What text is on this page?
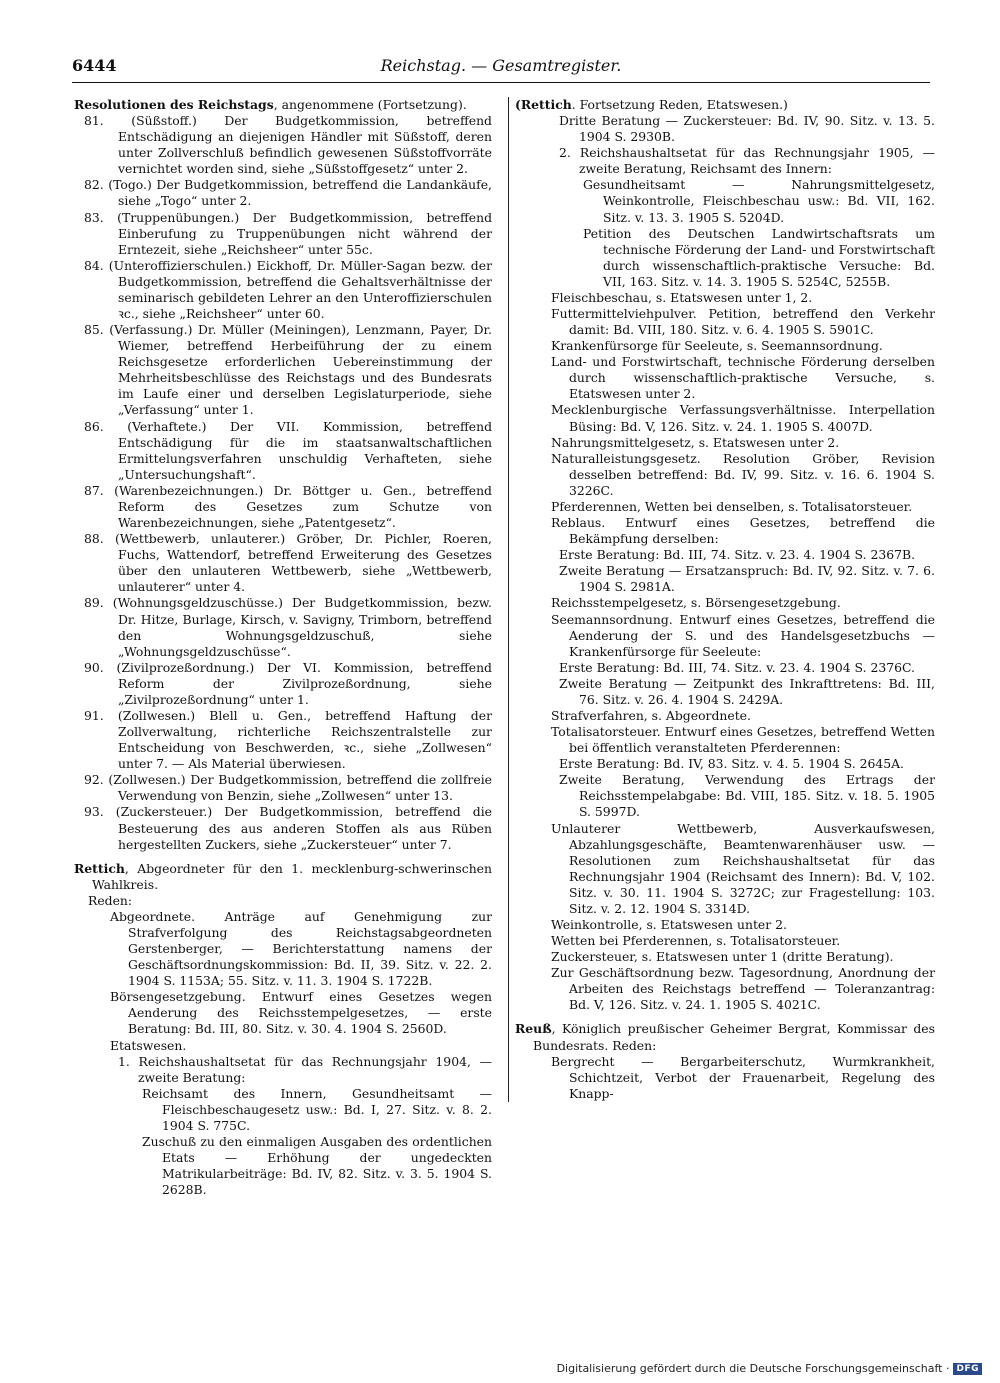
6444	Reichstag. — Gesamtregister.

Resolutionen des Reichstags, angenommene (Fortsetzung).

81. (Süßstoff.) Der Budgetkommission, betreffend Entschädigung an diejenigen Händler mit Süßstoff, deren unter Zollverschluß befindlich gewesenen Süßstoffvorräte vernichtet worden sind, siehe „Süßstoffgesetz“ unter 2.

82. (Togo.) Der Budgetkommission, betreffend die Landankäufe, siehe „Togo“ unter 2.

83. (Truppenübungen.) Der Budgetkommission, betreffend Einberufung zu Truppenübungen nicht während der Erntezeit, siehe „Reichsheer“ unter 55c.

84. (Unteroffizierschulen.) Eickhoff, Dr. Müller-Sagan bezw. der Budgetkommission, betreffend die Gehaltsverhältnisse der seminarisch gebildeten Lehrer an den Unteroffizierschulen ꝛc., siehe „Reichsheer“ unter 60.

85. (Verfassung.) Dr. Müller (Meiningen), Lenzmann, Payer, Dr. Wiemer, betreffend Herbeiführung der zu einem Reichsgesetze erforderlichen Uebereinstimmung der Mehrheitsbeschlüsse des Reichstags und des Bundesrats im Laufe einer und derselben Legislaturperiode, siehe „Verfassung“ unter 1.

86. (Verhaftete.) Der VII. Kommission, betreffend Entschädigung für die im staatsanwaltschaftlichen Ermittelungsverfahren unschuldig Verhafteten, siehe „Untersuchungshaft“.

87. (Warenbezeichnungen.) Dr. Böttger u. Gen., betreffend Reform des Gesetzes zum Schutze von Warenbezeichnungen, siehe „Patentgesetz“.

88. (Wettbewerb, unlauterer.) Gröber, Dr. Pichler, Roeren, Fuchs, Wattendorf, betreffend Erweiterung des Gesetzes über den unlauteren Wettbewerb, siehe „Wettbewerb, unlauterer“ unter 4.

89. (Wohnungsgeldzuschüsse.) Der Budgetkommission, bezw. Dr. Hitze, Burlage, Kirsch, v. Savigny, Trimborn, betreffend den Wohnungsgeldzuschuß, siehe „Wohnungsgeldzuschüsse“.

90. (Zivilprozeßordnung.) Der VI. Kommission, betreffend Reform der Zivilprozeßordnung, siehe „Zivilprozeßordnung“ unter 1.

91. (Zollwesen.) Blell u. Gen., betreffend Haftung der Zollverwaltung, richterliche Reichszentralstelle zur Entscheidung von Beschwerden, ꝛc., siehe „Zollwesen“ unter 7. — Als Material überwiesen.

92. (Zollwesen.) Der Budgetkommission, betreffend die zollfreie Verwendung von Benzin, siehe „Zollwesen“ unter 13.

93. (Zuckersteuer.) Der Budgetkommission, betreffend die Besteuerung des aus anderen Stoffen als aus Rüben hergestellten Zuckers, siehe „Zuckersteuer“ unter 7.

Rettich, Abgeordneter für den 1. mecklenburg-schwerinschen Wahlkreis.

Reden:

Abgeordnete. Anträge auf Genehmigung zur Strafverfolgung des Reichstagsabgeordneten Gerstenberger, — Berichterstattung namens der Geschäftsordnungskommission: Bd. II, 39. Sitz. v. 22. 2. 1904 S. 1153A; 55. Sitz. v. 11. 3. 1904 S. 1722B.

Börsengesetzgebung. Entwurf eines Gesetzes wegen Aenderung des Reichsstempelgesetzes, — erste Beratung: Bd. III, 80. Sitz. v. 30. 4. 1904 S. 2560D.

Etatswesen.

1. Reichshaushaltsetat für das Rechnungsjahr 1904, — zweite Beratung:

Reichsamt des Innern, Gesundheitsamt — Fleischbeschaugesetz usw.: Bd. I, 27. Sitz. v. 8. 2. 1904 S. 775C.

Zuschuß zu den einmaligen Ausgaben des ordentlichen Etats — Erhöhung der ungedeckten Matrikularbeiträge: Bd. IV, 82. Sitz. v. 3. 5. 1904 S. 2628B.

(Rettich. Fortsetzung Reden, Etatswesen.)

Dritte Beratung — Zuckersteuer: Bd. IV, 90. Sitz. v. 13. 5. 1904 S. 2930B.

2. Reichshaushaltsetat für das Rechnungsjahr 1905, — zweite Beratung, Reichsamt des Innern:

Gesundheitsamt — Nahrungsmittelgesetz, Weinkontrolle, Fleischbeschau usw.: Bd. VII, 162. Sitz. v. 13. 3. 1905 S. 5204D.

Petition des Deutschen Landwirtschaftsrats um technische Förderung der Land- und Forstwirtschaft durch wissenschaftlich-praktische Versuche: Bd. VII, 163. Sitz. v. 14. 3. 1905 S. 5254C, 5255B.

Fleischbeschau, s. Etatswesen unter 1, 2.

Futtermittelviehpulver. Petition, betreffend den Verkehr damit: Bd. VIII, 180. Sitz. v. 6. 4. 1905 S. 5901C.

Krankenfürsorge für Seeleute, s. Seemannsordnung.

Land- und Forstwirtschaft, technische Förderung derselben durch wissenschaftlich-praktische Versuche, s. Etatswesen unter 2.

Mecklenburgische Verfassungsverhältnisse. Interpellation Büsing: Bd. V, 126. Sitz. v. 24. 1. 1905 S. 4007D.

Nahrungsmittelgesetz, s. Etatswesen unter 2.

Naturalleistungsgesetz. Resolution Gröber, Revision desselben betreffend: Bd. IV, 99. Sitz. v. 16. 6. 1904 S. 3226C.

Pferderennen, Wetten bei denselben, s. Totalisatorsteuer.

Reblaus. Entwurf eines Gesetzes, betreffend die Bekämpfung derselben:

Erste Beratung: Bd. III, 74. Sitz. v. 23. 4. 1904 S. 2367B.

Zweite Beratung — Ersatzanspruch: Bd. IV, 92. Sitz. v. 7. 6. 1904 S. 2981A.

Reichsstempelgesetz, s. Börsengesetzgebung.

Seemannsordnung. Entwurf eines Gesetzes, betreffend die Aenderung der S. und des Handelsgesetzbuchs — Krankenfürsorge für Seeleute:

Erste Beratung: Bd. III, 74. Sitz. v. 23. 4. 1904 S. 2376C.

Zweite Beratung — Zeitpunkt des Inkrafttretens: Bd. III, 76. Sitz. v. 26. 4. 1904 S. 2429A.

Strafverfahren, s. Abgeordnete.

Totalisatorsteuer. Entwurf eines Gesetzes, betreffend Wetten bei öffentlich veranstalteten Pferderennen:

Erste Beratung: Bd. IV, 83. Sitz. v. 4. 5. 1904 S. 2645A.

Zweite Beratung, Verwendung des Ertrags der Reichsstempelabgabe: Bd. VIII, 185. Sitz. v. 18. 5. 1905 S. 5997D.

Unlauterer Wettbewerb, Ausverkaufswesen, Abzahlungsgeschäfte, Beamtenwarenhäuser usw. — Resolutionen zum Reichshaushaltsetat für das Rechnungsjahr 1904 (Reichsamt des Innern): Bd. V, 102. Sitz. v. 30. 11. 1904 S. 3272C; zur Fragestellung: 103. Sitz. v. 2. 12. 1904 S. 3314D.

Weinkontrolle, s. Etatswesen unter 2.

Wetten bei Pferderennen, s. Totalisatorsteuer.

Zuckersteuer, s. Etatswesen unter 1 (dritte Beratung).

Zur Geschäftsordnung bezw. Tagesordnung, Anordnung der Arbeiten des Reichstags betreffend — Toleranzantrag: Bd. V, 126. Sitz. v. 24. 1. 1905 S. 4021C.

Reuß, Königlich preußischer Geheimer Bergrat, Kommissar des Bundesrats. Reden:

Bergrecht — Bergarbeiterschutz, Wurmkrankheit, Schichtzeit, Verbot der Frauenarbeit, Regelung des Knapp-

Digitalisierung gefördert durch die Deutsche Forschungsgemeinschaft · DFG
